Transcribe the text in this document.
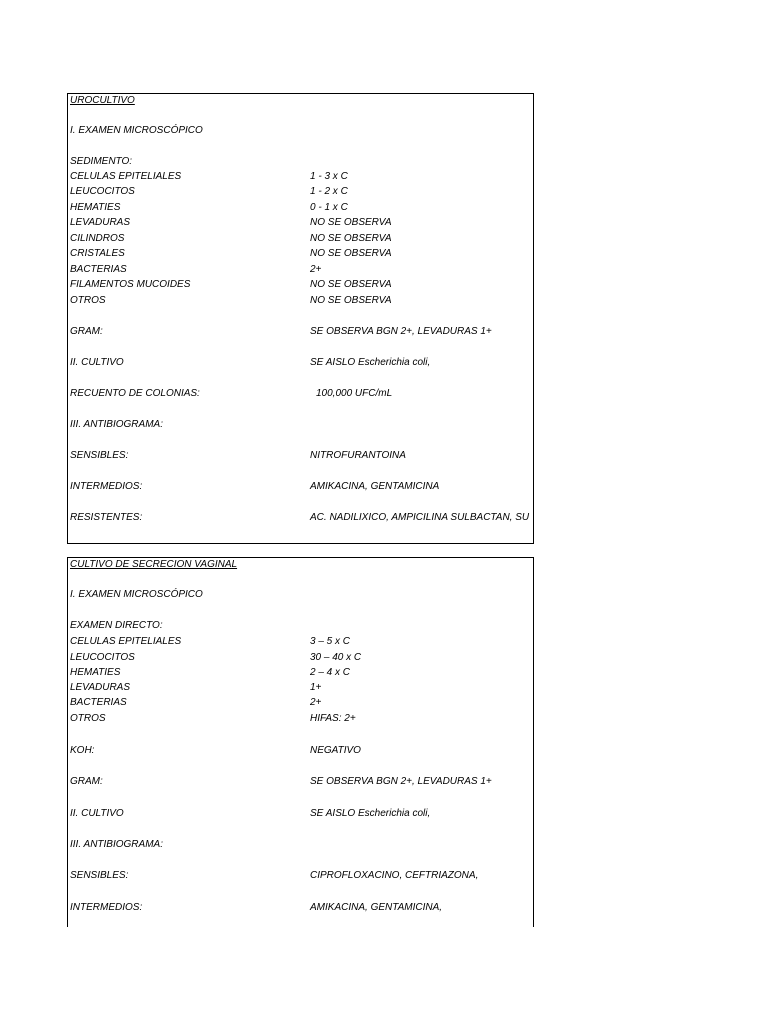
UROCULTIVO
I. EXAMEN MICROSCÓPICO
SEDIMENTO:
CELULAS EPITELIALES	1 - 3 x C
LEUCOCITOS	1 - 2 x C
HEMATIES	0 - 1 x C
LEVADURAS	NO SE OBSERVA
CILINDROS	NO SE OBSERVA
CRISTALES	NO SE OBSERVA
BACTERIAS	2+
FILAMENTOS MUCOIDES	NO SE OBSERVA
OTROS	NO SE OBSERVA
GRAM:	SE OBSERVA BGN 2+, LEVADURAS 1+
II. CULTIVO	SE AISLO Escherichia coli,
RECUENTO DE COLONIAS:	100,000 UFC/mL
III. ANTIBIOGRAMA:
SENSIBLES:	NITROFURANTOINA
INTERMEDIOS:	AMIKACINA, GENTAMICINA
RESISTENTES:	AC. NADILIXICO, AMPICILINA SULBACTAN, SU
CULTIVO DE SECRECION VAGINAL
I. EXAMEN MICROSCÓPICO
EXAMEN DIRECTO:
CELULAS EPITELIALES	3 – 5 x C
LEUCOCITOS	30 – 40 x C
HEMATIES	2 – 4 x C
LEVADURAS	1+
BACTERIAS	2+
OTROS	HIFAS: 2+
KOH:	NEGATIVO
GRAM:	SE OBSERVA BGN 2+, LEVADURAS 1+
II. CULTIVO	SE AISLO Escherichia coli,
III. ANTIBIOGRAMA:
SENSIBLES:	CIPROFLOXACINO, CEFTRIAZONA,
INTERMEDIOS:	AMIKACINA, GENTAMICINA,
